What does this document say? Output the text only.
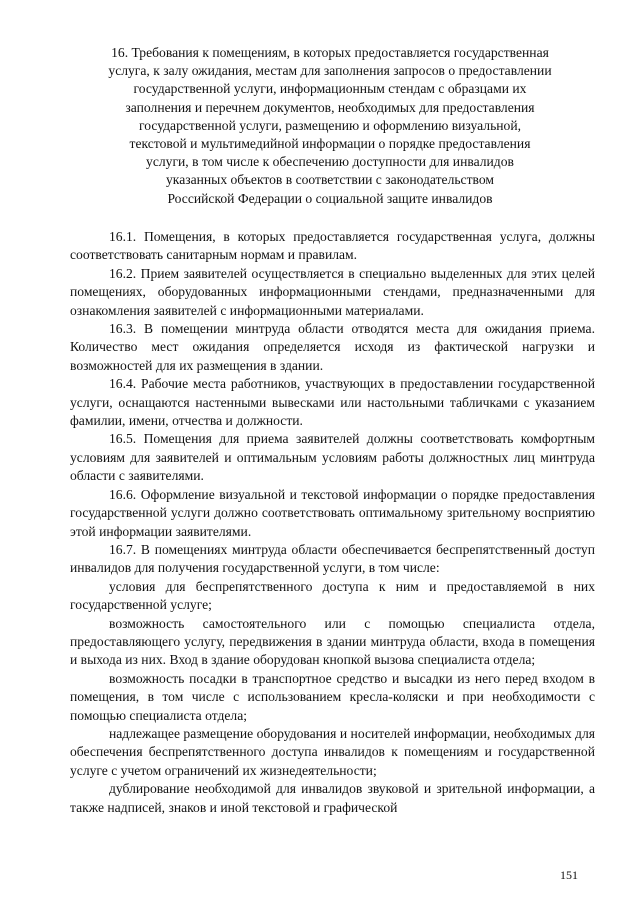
16. Требования к помещениям, в которых предоставляется государственная
услуга, к залу ожидания, местам для заполнения запросов о предоставлении
государственной услуги, информационным стендам с образцами их
заполнения и перечнем документов, необходимых для предоставления
государственной услуги, размещению и оформлению визуальной,
текстовой и мультимедийной информации о порядке предоставления
услуги, в том числе к обеспечению доступности для инвалидов
указанных объектов в соответствии с законодательством
Российской Федерации о социальной защите инвалидов

16.1. Помещения, в которых предоставляется государственная услуга, должны соответствовать санитарным нормам и правилам.

16.2. Прием заявителей осуществляется в специально выделенных для этих целей помещениях, оборудованных информационными стендами, предназначенными для ознакомления заявителей с информационными материалами.

16.3. В помещении минтруда области отводятся места для ожидания приема. Количество мест ожидания определяется исходя из фактической нагрузки и возможностей для их размещения в здании.

16.4. Рабочие места работников, участвующих в предоставлении государственной услуги, оснащаются настенными вывесками или настольными табличками с указанием фамилии, имени, отчества и должности.

16.5. Помещения для приема заявителей должны соответствовать комфортным условиям для заявителей и оптимальным условиям работы должностных лиц минтруда области с заявителями.

16.6. Оформление визуальной и текстовой информации о порядке предоставления государственной услуги должно соответствовать оптимальному зрительному восприятию этой информации заявителями.

16.7. В помещениях минтруда области обеспечивается беспрепятственный доступ инвалидов для получения государственной услуги, в том числе:

условия для беспрепятственного доступа к ним и предоставляемой в них государственной услуге;

возможность самостоятельного или с помощью специалиста отдела, предоставляющего услугу, передвижения в здании минтруда области, входа в помещения и выхода из них. Вход в здание оборудован кнопкой вызова специалиста отдела;

возможность посадки в транспортное средство и высадки из него перед входом в помещения, в том числе с использованием кресла-коляски и при необходимости с помощью специалиста отдела;

надлежащее размещение оборудования и носителей информации, необходимых для обеспечения беспрепятственного доступа инвалидов к помещениям и государственной услуге с учетом ограничений их жизнедеятельности;

дублирование необходимой для инвалидов звуковой и зрительной информации, а также надписей, знаков и иной текстовой и графической

151
